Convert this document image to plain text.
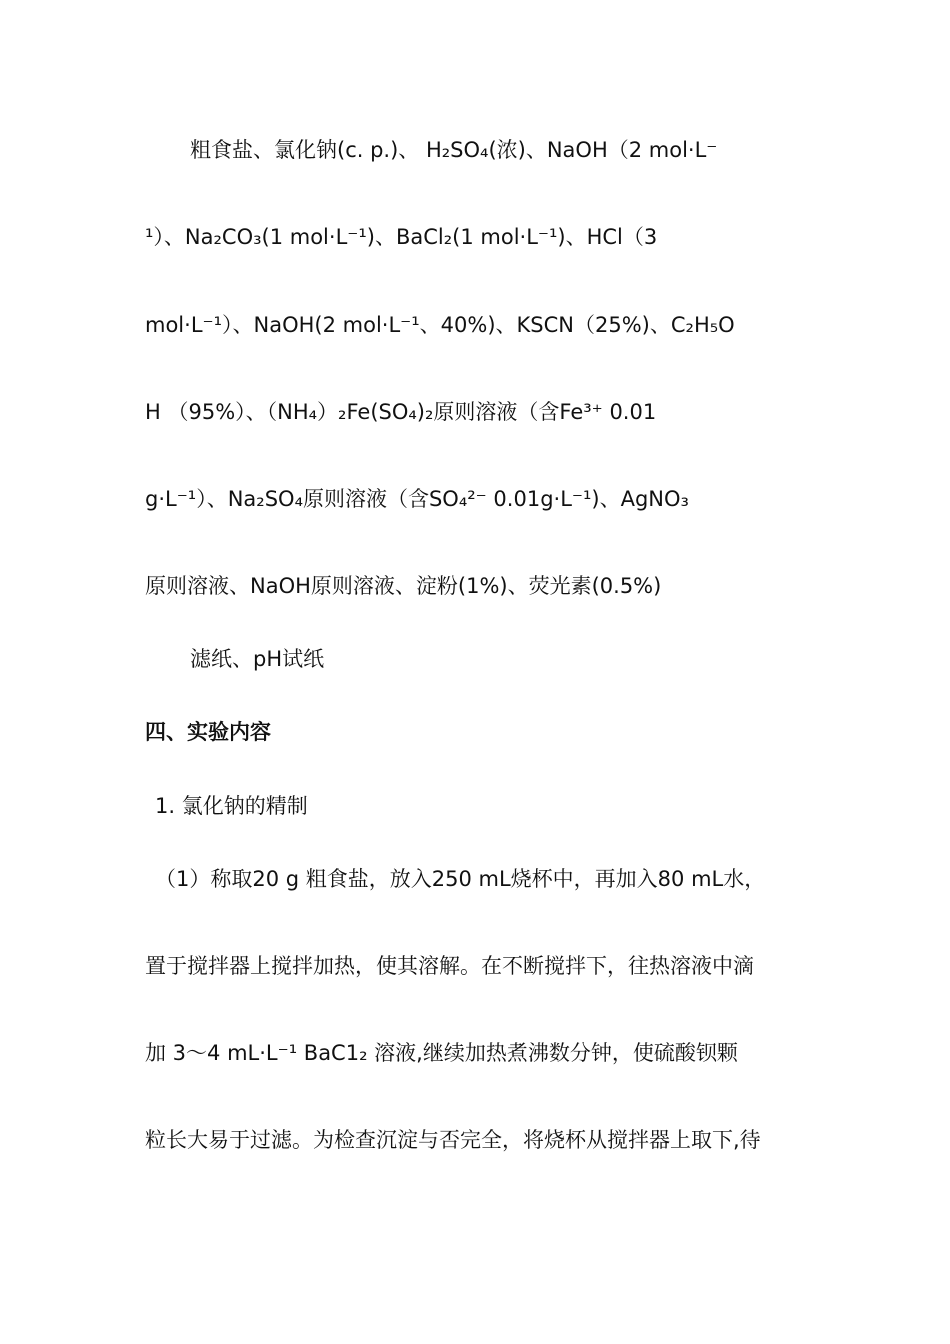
粗食盐、氯化钠(c. p.)、 H₂SO₄(浓)、NaOH（2 mol·L⁻
¹）、Na₂CO₃(1 mol·L⁻¹)、BaCl₂(1 mol·L⁻¹)、HCl（3
mol·L⁻¹）、NaOH(2 mol·L⁻¹、40%)、KSCN（25%)、C₂H₅O
H （95%）、（NH₄）₂Fe(SO₄)₂原则溶液（含Fe³⁺ 0.01
g·L⁻¹）、Na₂SO₄原则溶液（含SO₄²⁻ 0.01g·L⁻¹)、AgNO₃
原则溶液、NaOH原则溶液、淀粉(1%)、荧光素(0.5%)
滤纸、pH试纸
四、实验内容
1. 氯化钠的精制
（1）称取20 g 粗食盐，放入250 mL烧杯中，再加入80 mL水，
置于搅拌器上搅拌加热，使其溶解。在不断搅拌下，往热溶液中滴
加 3～4 mL·L⁻¹ BaC1₂ 溶液,继续加热煮沸数分钟，使硫酸钡颗
粒长大易于过滤。为检查沉淀与否完全，将烧杯从搅拌器上取下,待
